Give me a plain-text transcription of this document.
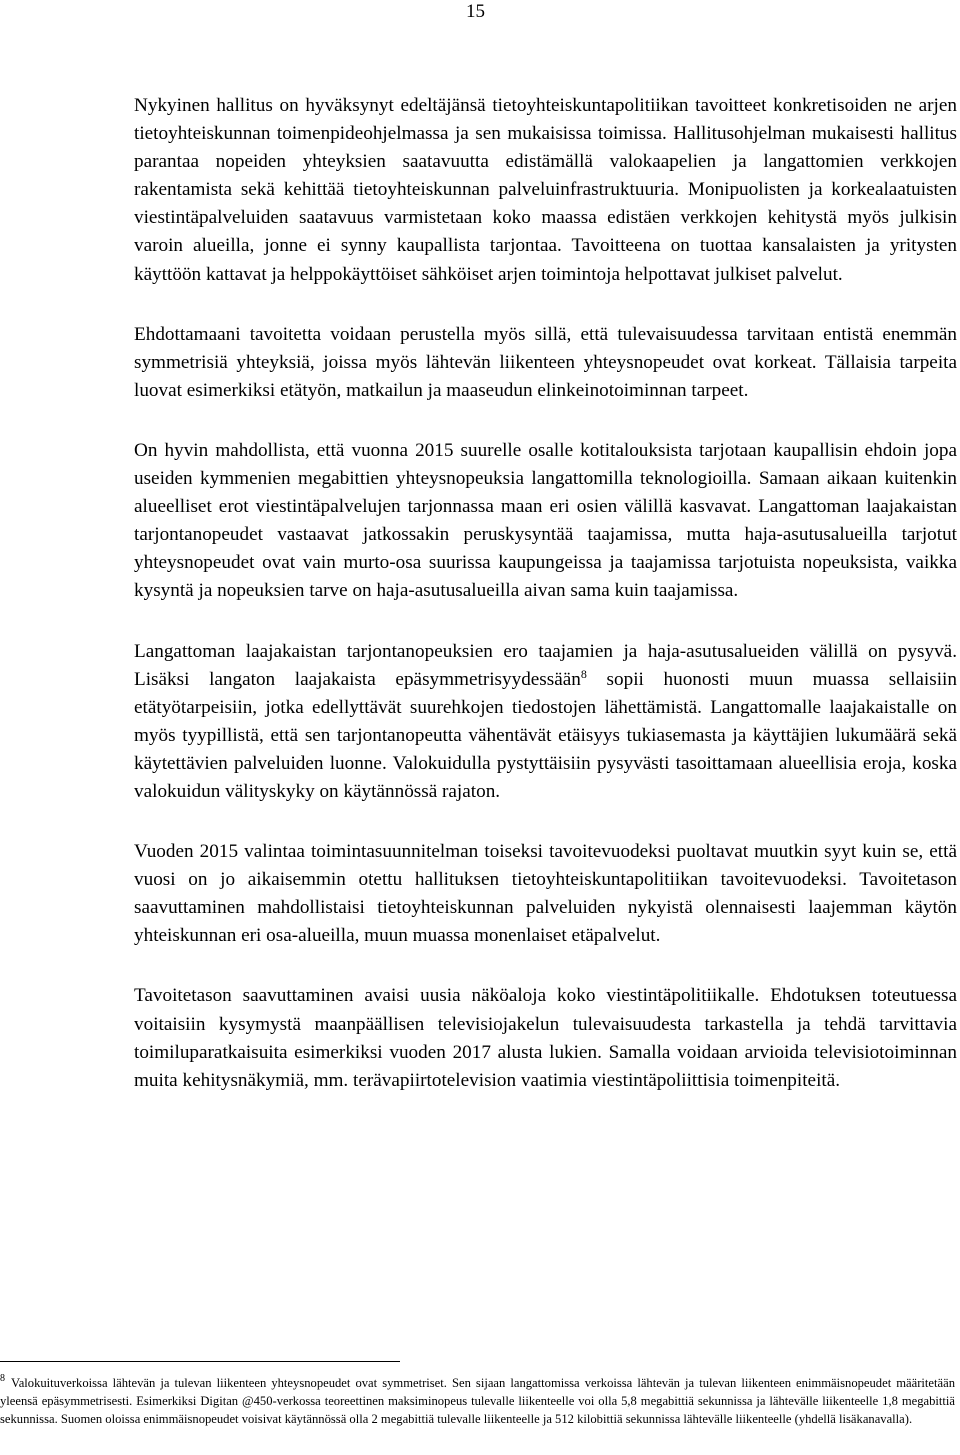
15

Nykyinen hallitus on hyväksynyt edeltäjänsä tietoyhteiskuntapolitiikan tavoitteet konkretisoiden ne arjen tietoyhteiskunnan toimenpideohjelmassa ja sen mukaisissa toimissa. Hallitusohjelman mukaisesti hallitus parantaa nopeiden yhteyksien saatavuutta edistämällä valokaapelien ja langattomien verkkojen rakentamista sekä kehittää tietoyhteiskunnan palveluinfrastruktuuria. Monipuolisten ja korkealaatuisten viestintäpalveluiden saatavuus varmistetaan koko maassa edistäen verkkojen kehitystä myös julkisin varoin alueilla, jonne ei synny kaupallista tarjontaa. Tavoitteena on tuottaa kansalaisten ja yritysten käyttöön kattavat ja helppokäyttöiset sähköiset arjen toimintoja helpottavat julkiset palvelut.

Ehdottamaani tavoitetta voidaan perustella myös sillä, että tulevaisuudessa tarvitaan entistä enemmän symmetrisiä yhteyksiä, joissa myös lähtevän liikenteen yhteysnopeudet ovat korkeat. Tällaisia tarpeita luovat esimerkiksi etätyön, matkailun ja maaseudun elinkeinotoiminnan tarpeet.

On hyvin mahdollista, että vuonna 2015 suurelle osalle kotitalouksista tarjotaan kaupallisin ehdoin jopa useiden kymmenien megabittien yhteysnopeuksia langattomilla teknologioilla. Samaan aikaan kuitenkin alueelliset erot viestintäpalvelujen tarjonnassa maan eri osien välillä kasvavat. Langattoman laajakaistan tarjontanopeudet vastaavat jatkossakin peruskysyntää taajamissa, mutta haja-asutusalueilla tarjotut yhteysnopeudet ovat vain murto-osa suurissa kaupungeissa ja taajamissa tarjotuista nopeuksista, vaikka kysyntä ja nopeuksien tarve on haja-asutusalueilla aivan sama kuin taajamissa.

Langattoman laajakaistan tarjontanopeuksien ero taajamien ja haja-asutusalueiden välillä on pysyvä. Lisäksi langaton laajakaista epäsymmetrisyydessään$^8$ sopii huonosti muun muassa sellaisiin etätyötarpeisiin, jotka edellyttävät suurehkojen tiedostojen lähettämistä. Langattomalle laajakaistalle on myös tyypillistä, että sen tarjontanopeutta vähentävät etäisyys tukiasemasta ja käyttäjien lukumäärä sekä käytettävien palveluiden luonne. Valokuidulla pystyttäisiin pysyvästi tasoittamaan alueellisia eroja, koska valokuidun välityskyky on käytännössä rajaton.

Vuoden 2015 valintaa toimintasuunnitelman toiseksi tavoitevuodeksi puoltavat muutkin syyt kuin se, että vuosi on jo aikaisemmin otettu hallituksen tietoyhteiskuntapolitiikan tavoitevuodeksi. Tavoitetason saavuttaminen mahdollistaisi tietoyhteiskunnan palveluiden nykyistä olennaisesti laajemman käytön yhteiskunnan eri osa-alueilla, muun muassa monenlaiset etäpalvelut.

Tavoitetason saavuttaminen avaisi uusia näköaloja koko viestintäpolitiikalle. Ehdotuksen toteutuessa voitaisiin kysymystä maanpäällisen televisiojakelun tulevaisuudesta tarkastella ja tehdä tarvittavia toimiluparatkaisuita esimerkiksi vuoden 2017 alusta lukien. Samalla voidaan arvioida televisiotoiminnan muita kehitysnäkymiä, mm. terävapiirtotelevision vaatimia viestintäpoliittisia toimenpiteitä.

$^8$ Valokuituverkoissa lähtevän ja tulevan liikenteen yhteysnopeudet ovat symmetriset. Sen sijaan langattomissa verkoissa lähtevän ja tulevan liikenteen enimmäisnopeudet määritetään yleensä epäsymmetrisesti. Esimerkiksi Digitan @450-verkossa teoreettinen maksiminopeus tulevalle liikenteelle voi olla 5,8 megabittiä sekunnissa ja lähtevälle liikenteelle 1,8 megabittiä sekunnissa. Suomen oloissa enimmäisnopeudet voisivat käytännössä olla 2 megabittiä tulevalle liikenteelle ja 512 kilobittiä sekunnissa lähtevälle liikenteelle (yhdellä lisäkanavalla).
